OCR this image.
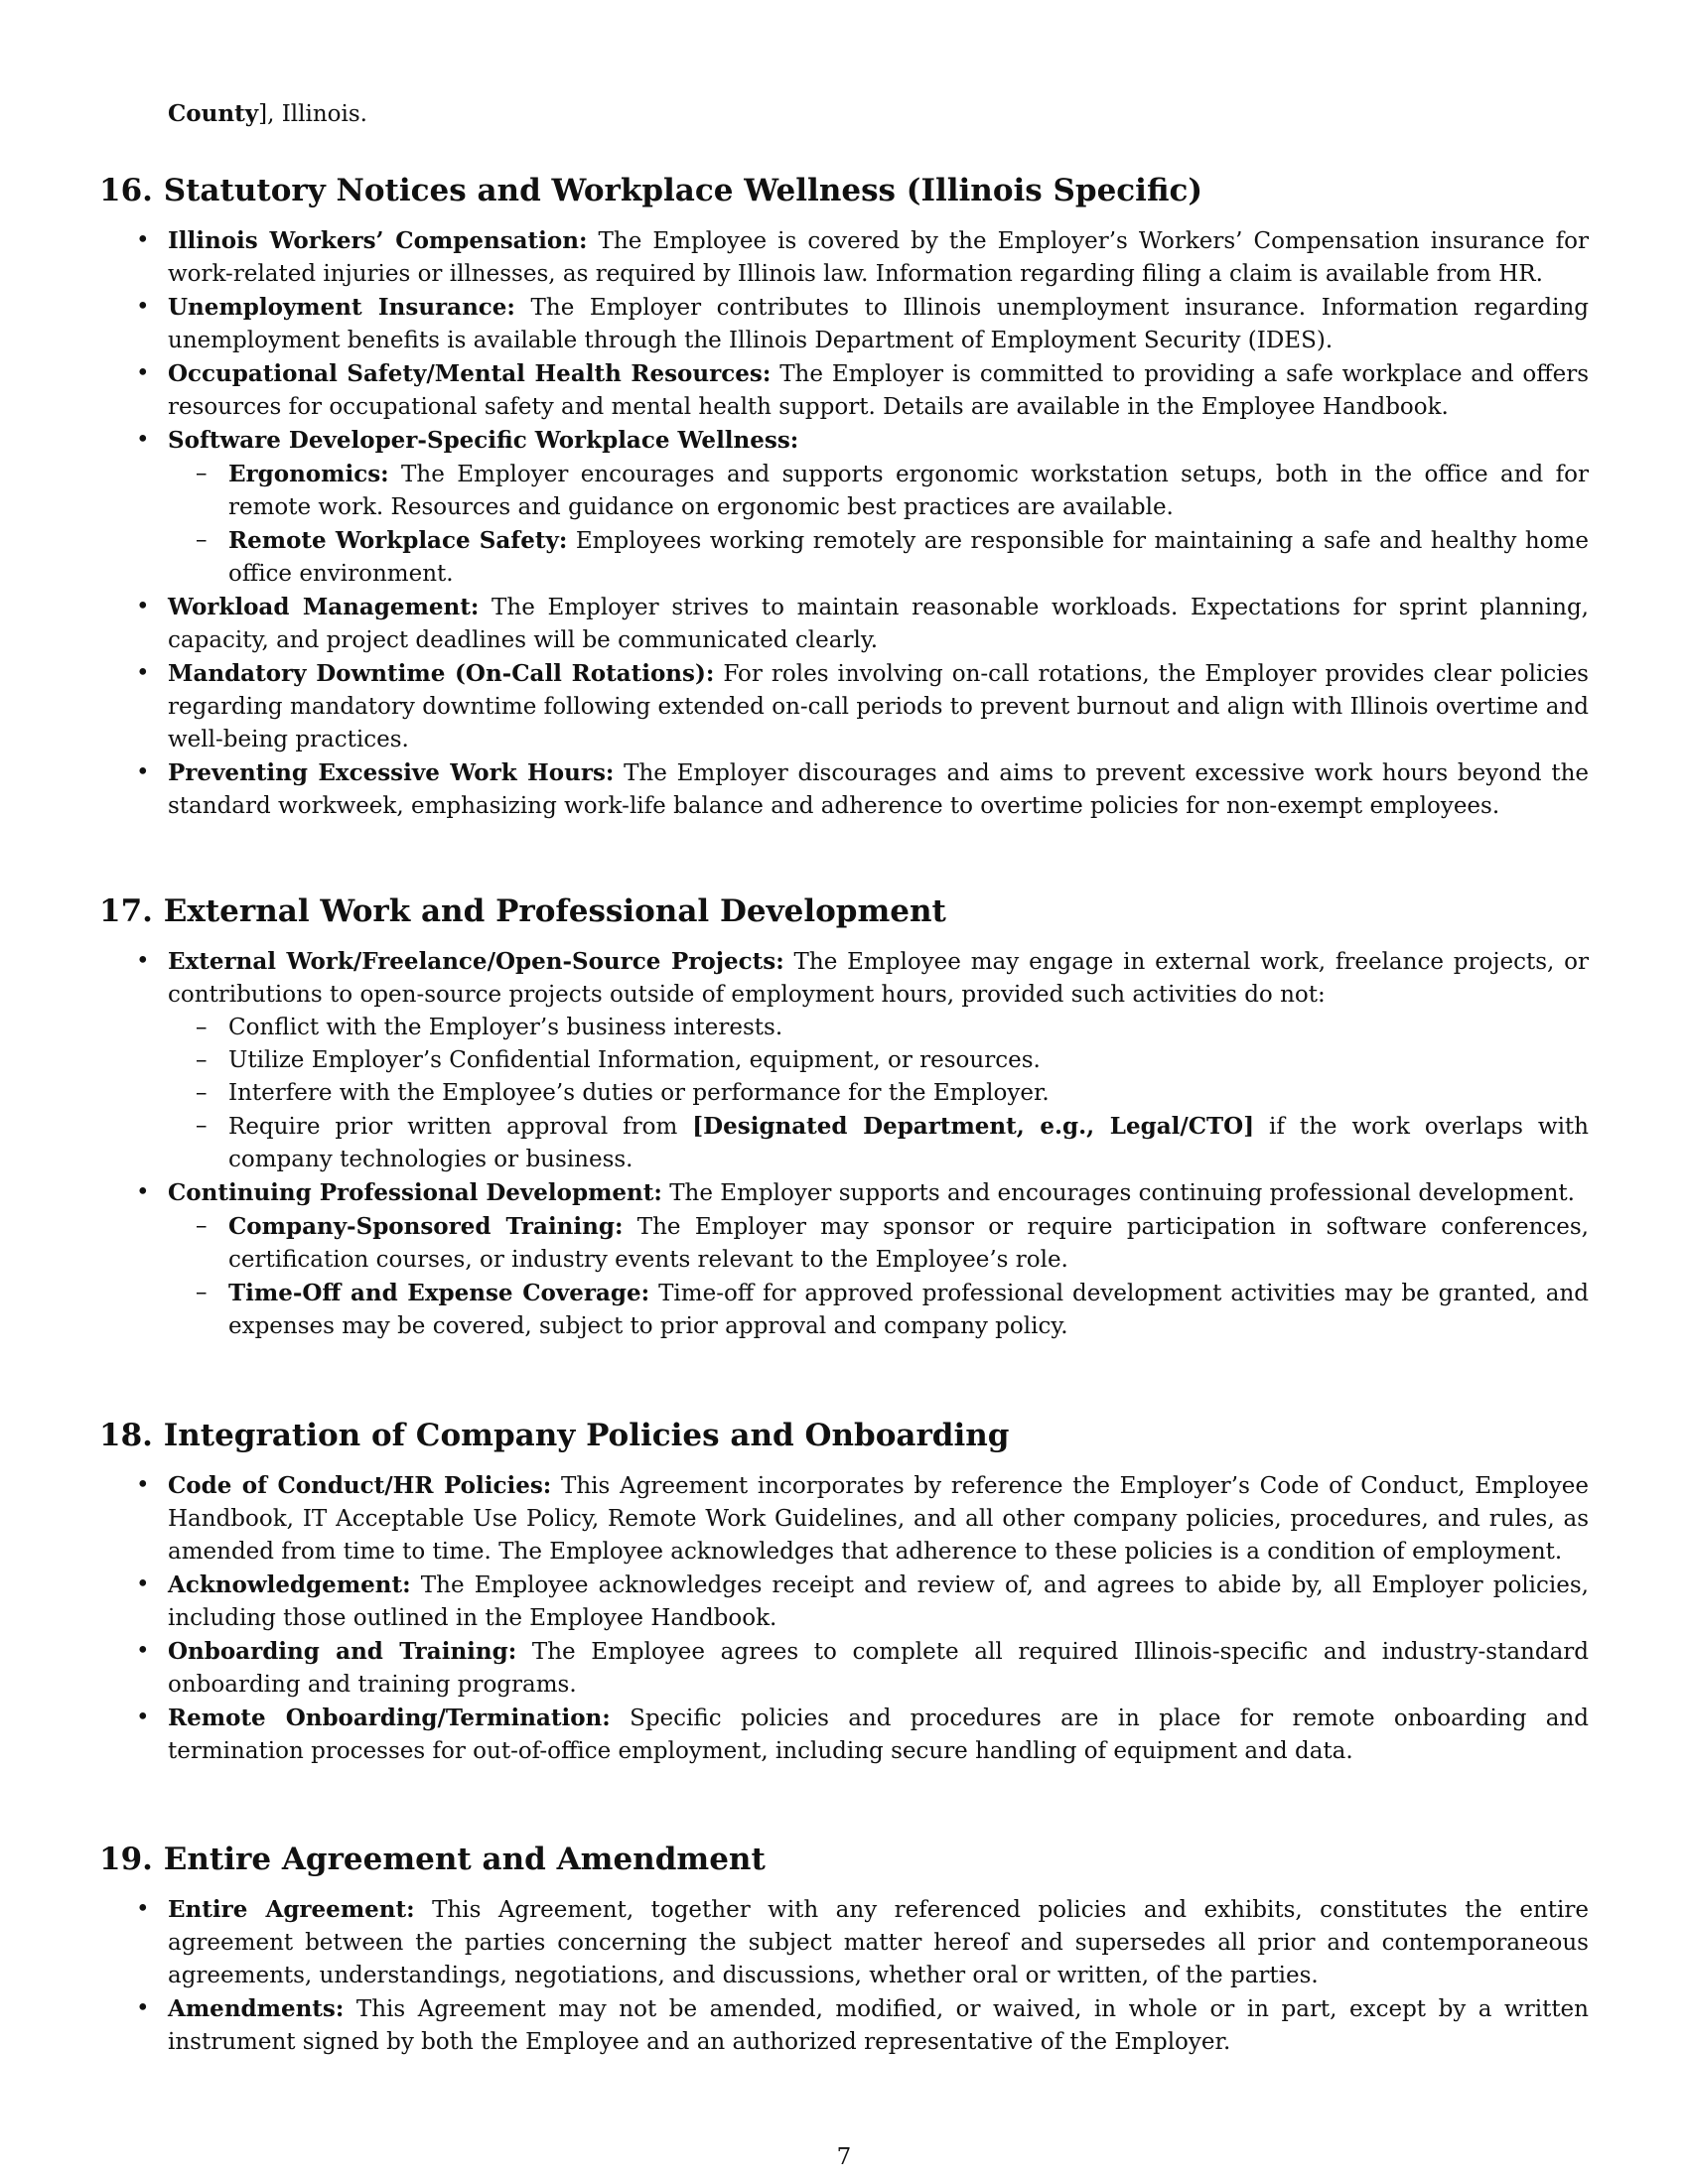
County], Illinois.

16. Statutory Notices and Workplace Wellness (Illinois Specific)
• Illinois Workers’ Compensation: The Employee is covered by the Employer’s Workers’ Compensation insurance for work-related injuries or illnesses, as required by Illinois law. Information regarding filing a claim is available from HR.

• Unemployment Insurance: The Employer contributes to Illinois unemployment insurance. Information regarding unemployment benefits is available through the Illinois Department of Employment Security (IDES).

• Occupational Safety/Mental Health Resources: The Employer is committed to providing a safe workplace and offers resources for occupational safety and mental health support. Details are available in the Employee Handbook.

• Software Developer-Specific Workplace Wellness:

– Ergonomics: The Employer encourages and supports ergonomic workstation setups, both in the office and for remote work. Resources and guidance on ergonomic best practices are available.

– Remote Workplace Safety: Employees working remotely are responsible for maintaining a safe and healthy home office environment.

• Workload Management: The Employer strives to maintain reasonable workloads. Expectations for sprint planning, capacity, and project deadlines will be communicated clearly.

• Mandatory Downtime (On-Call Rotations): For roles involving on-call rotations, the Employer provides clear policies regarding mandatory downtime following extended on-call periods to prevent burnout and align with Illinois overtime and well-being practices.

• Preventing Excessive Work Hours: The Employer discourages and aims to prevent excessive work hours beyond the standard workweek, emphasizing work-life balance and adherence to overtime policies for non-exempt employees.

17. External Work and Professional Development
• External Work/Freelance/Open-Source Projects: The Employee may engage in external work, freelance projects, or contributions to open-source projects outside of employment hours, provided such activities do not:

– Conflict with the Employer’s business interests.

– Utilize Employer’s Confidential Information, equipment, or resources.

– Interfere with the Employee’s duties or performance for the Employer.

– Require prior written approval from [Designated Department, e.g., Legal/CTO] if the work overlaps with company technologies or business.

• Continuing Professional Development: The Employer supports and encourages continuing professional development.

– Company-Sponsored Training: The Employer may sponsor or require participation in software conferences, certification courses, or industry events relevant to the Employee’s role.

– Time-Off and Expense Coverage: Time-off for approved professional development activities may be granted, and expenses may be covered, subject to prior approval and company policy.

18. Integration of Company Policies and Onboarding
• Code of Conduct/HR Policies: This Agreement incorporates by reference the Employer’s Code of Conduct, Employee Handbook, IT Acceptable Use Policy, Remote Work Guidelines, and all other company policies, procedures, and rules, as amended from time to time. The Employee acknowledges that adherence to these policies is a condition of employment.

• Acknowledgement: The Employee acknowledges receipt and review of, and agrees to abide by, all Employer policies, including those outlined in the Employee Handbook.

• Onboarding and Training: The Employee agrees to complete all required Illinois-specific and industry-standard onboarding and training programs.

• Remote Onboarding/Termination: Specific policies and procedures are in place for remote onboarding and termination processes for out-of-office employment, including secure handling of equipment and data.

19. Entire Agreement and Amendment
• Entire Agreement: This Agreement, together with any referenced policies and exhibits, constitutes the entire agreement between the parties concerning the subject matter hereof and supersedes all prior and contemporaneous agreements, understandings, negotiations, and discussions, whether oral or written, of the parties.

• Amendments: This Agreement may not be amended, modified, or waived, in whole or in part, except by a written instrument signed by both the Employee and an authorized representative of the Employer.

7
